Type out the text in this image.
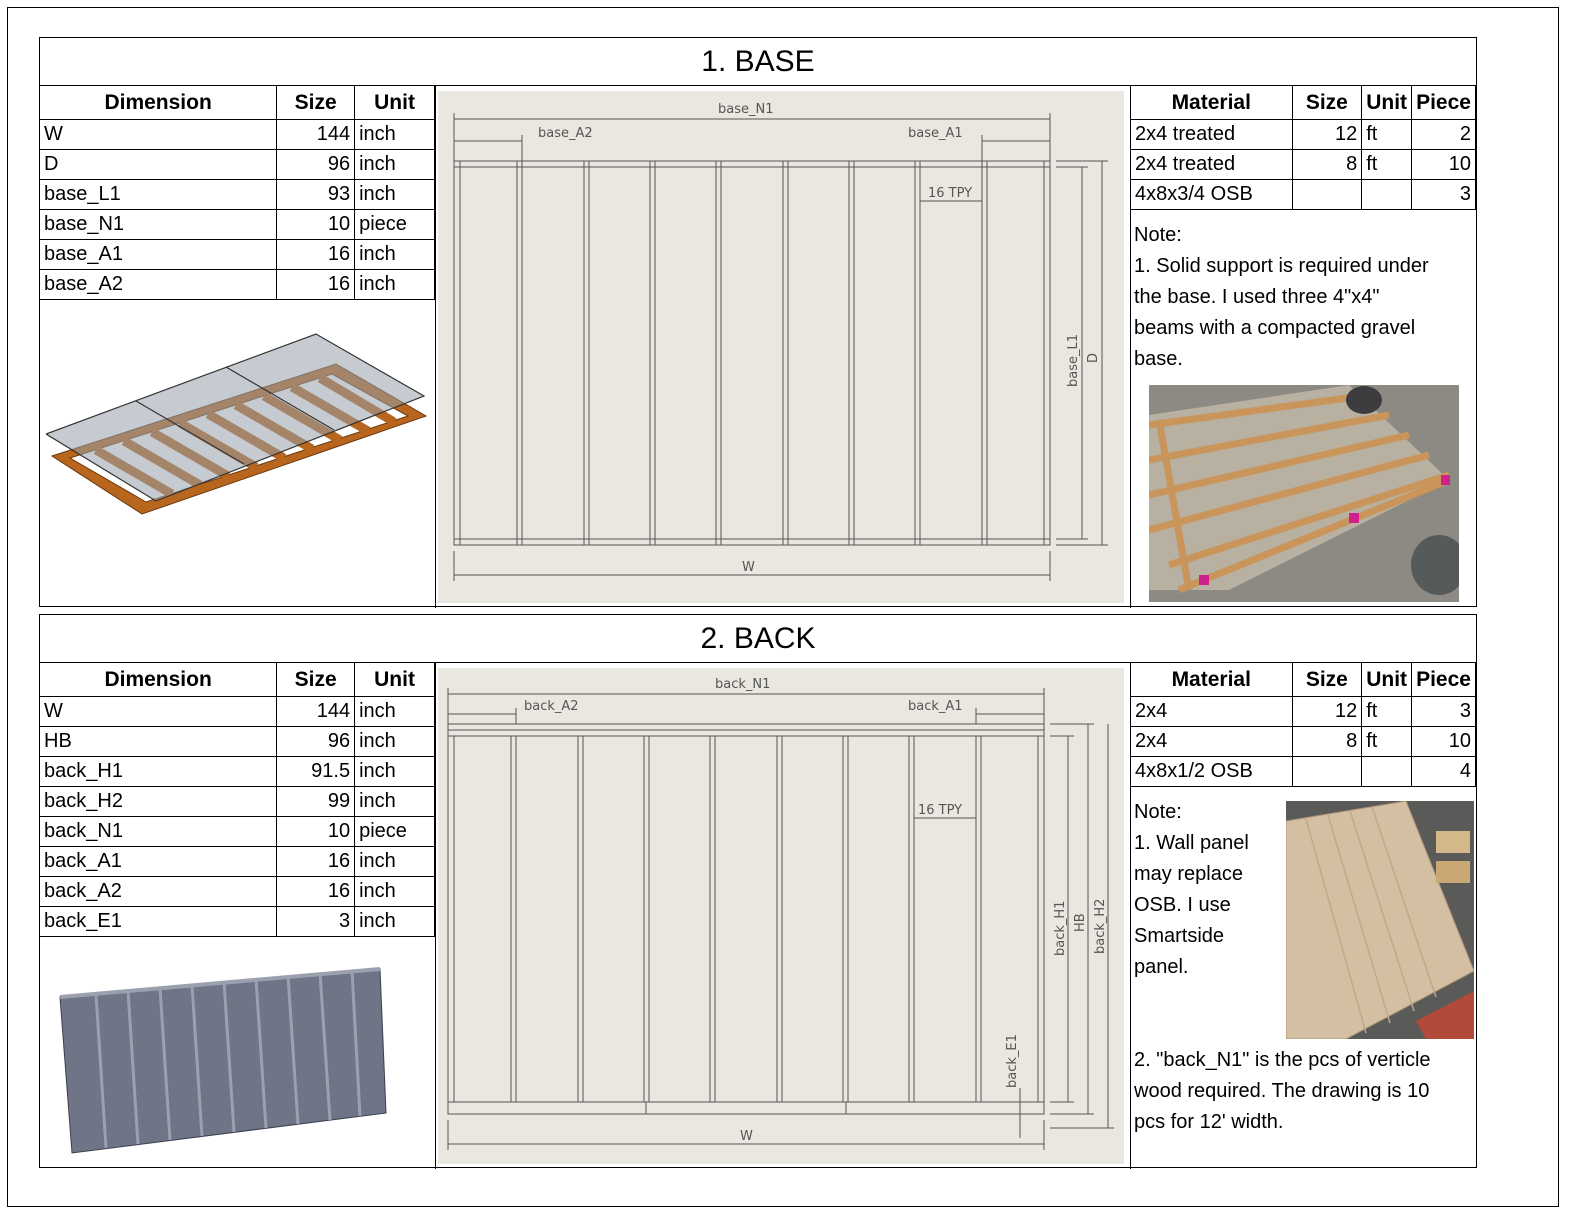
1. BASE
Dimension	Size	Unit
W	144	inch
D	96	inch
base_L1	93	inch
base_N1	10	piece
base_A1	16	inch
base_A2	16	inch
base_N1
base_A2	base_A1
16 TPY
W
base_L1 D
Material	Size	Unit	Piece
2x4 treated	12	ft	2
2x4 treated	8	ft	10
4x8x3/4 OSB			3
Note:
1. Solid support is required under
the base. I used three 4"x4"
beams with a compacted gravel
base.
2. BACK
Dimension	Size	Unit
W	144	inch
HB	96	inch
back_H1	91.5	inch
back_H2	99	inch
back_N1	10	piece
back_A1	16	inch
back_A2	16	inch
back_E1	3	inch
back_N1
back_A2	back_A1
16 TPY
W
back_H1 HB back_H2
back_E1
Material	Size	Unit	Piece
2x4	12	ft	3
2x4	8	ft	10
4x8x1/2 OSB			4
Note:
1. Wall panel
may replace
OSB. I use
Smartside
panel.
2. "back_N1" is the pcs of verticle
wood required. The drawing is 10
pcs for 12' width.
